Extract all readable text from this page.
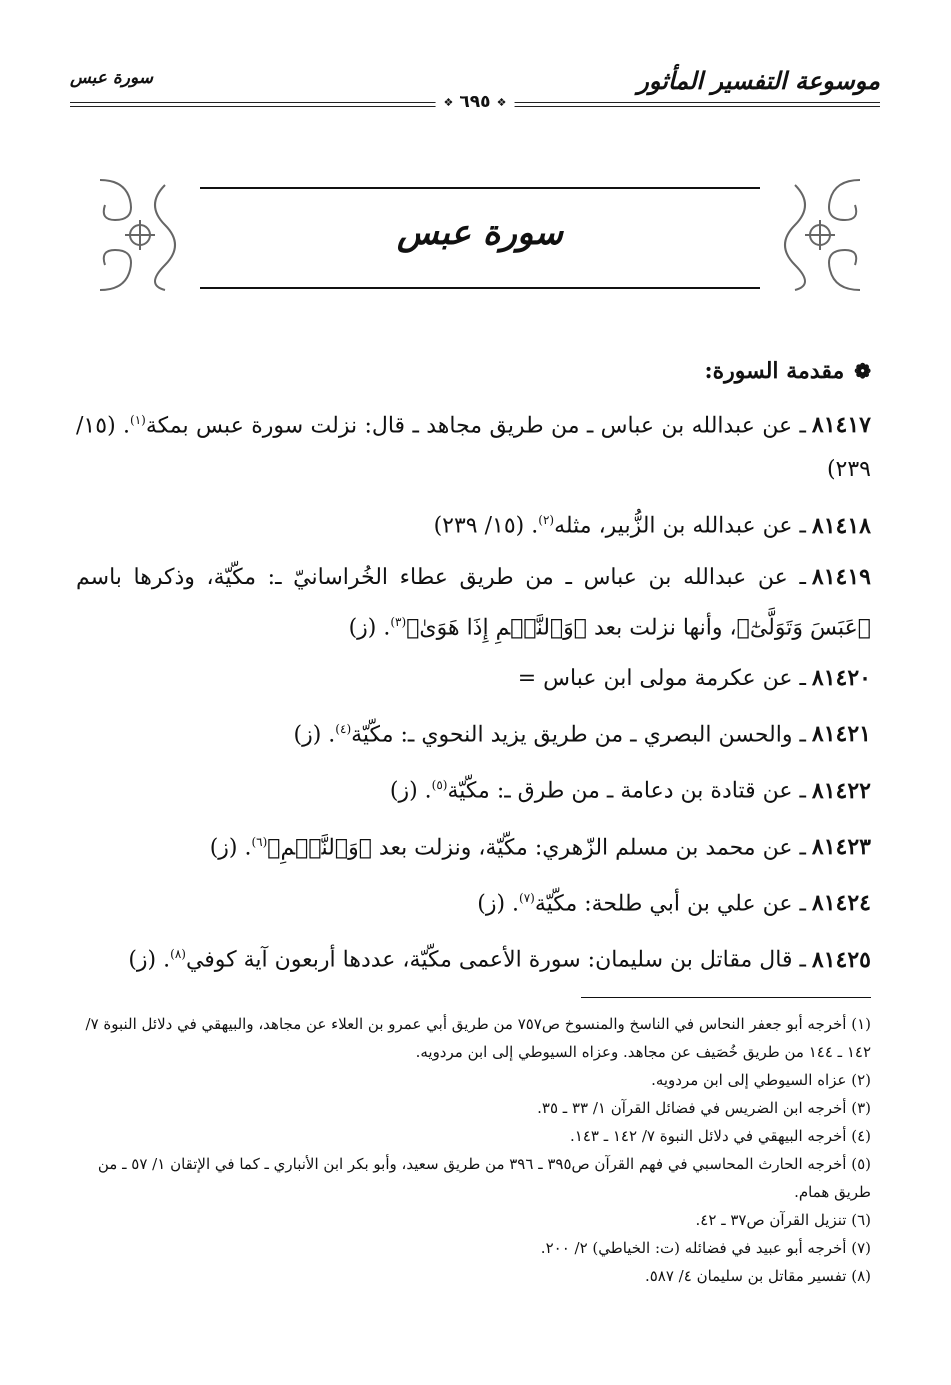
موسوعة التفسير المأثور
سورة عبس
❖
٦٩٥
❖
سورة عبس
❁
مقدمة السورة:

٨١٤١٧ـ عن عبدالله بن عباس ـ من طريق مجاهد ـ قال: نزلت سورة عبس بمكة$^{(١)}$. (١٥/ ٢٣٩)

٨١٤١٨ـ عن عبدالله بن الزُّبير، مثله$^{(٢)}$. (١٥/ ٢٣٩)

٨١٤١٩ـ عن عبدالله بن عباس ـ من طريق عطاء الخُراسانيّ ـ: مكّيّة، وذكرها باسم ﴿عَبَسَ وَتَوَلَّىٰٓ﴾، وأنها نزلت بعد ﴿وَٱلنَّجۡمِ إِذَا هَوَىٰ﴾$^{(٣)}$. (ز)

٨١٤٢٠ـ عن عكرمة مولى ابن عباس =

٨١٤٢١ـ والحسن البصري ـ من طريق يزيد النحوي ـ: مكّيّة$^{(٤)}$. (ز)

٨١٤٢٢ـ عن قتادة بن دعامة ـ من طرق ـ: مكّيّة$^{(٥)}$. (ز)

٨١٤٢٣ـ عن محمد بن مسلم الزّهري: مكّيّة، ونزلت بعد ﴿وَٱلنَّجۡمِ﴾$^{(٦)}$. (ز)

٨١٤٢٤ـ عن علي بن أبي طلحة: مكّيّة$^{(٧)}$. (ز)

٨١٤٢٥ـ قال مقاتل بن سليمان: سورة الأعمى مكّيّة، عددها أربعون آية كوفي$^{(٨)}$. (ز)

(١) أخرجه أبو جعفر النحاس في الناسخ والمنسوخ ص٧٥٧ من طريق أبي عمرو بن العلاء عن مجاهد، والبيهقي في دلائل النبوة ٧/ ١٤٢ ـ ١٤٤ من طريق خُصَيف عن مجاهد. وعزاه السيوطي إلى ابن مردويه.

(٢) عزاه السيوطي إلى ابن مردويه.

(٣) أخرجه ابن الضريس في فضائل القرآن ١/ ٣٣ ـ ٣٥.

(٤) أخرجه البيهقي في دلائل النبوة ٧/ ١٤٢ ـ ١٤٣.

(٥) أخرجه الحارث المحاسبي في فهم القرآن ص٣٩٥ ـ ٣٩٦ من طريق سعيد، وأبو بكر ابن الأنباري ـ كما في الإتقان ١/ ٥٧ ـ من طريق همام.

(٦) تنزيل القرآن ص٣٧ ـ ٤٢.

(٧) أخرجه أبو عبيد في فضائله (ت: الخياطي) ٢/ ٢٠٠.

(٨) تفسير مقاتل بن سليمان ٤/ ٥٨٧.
